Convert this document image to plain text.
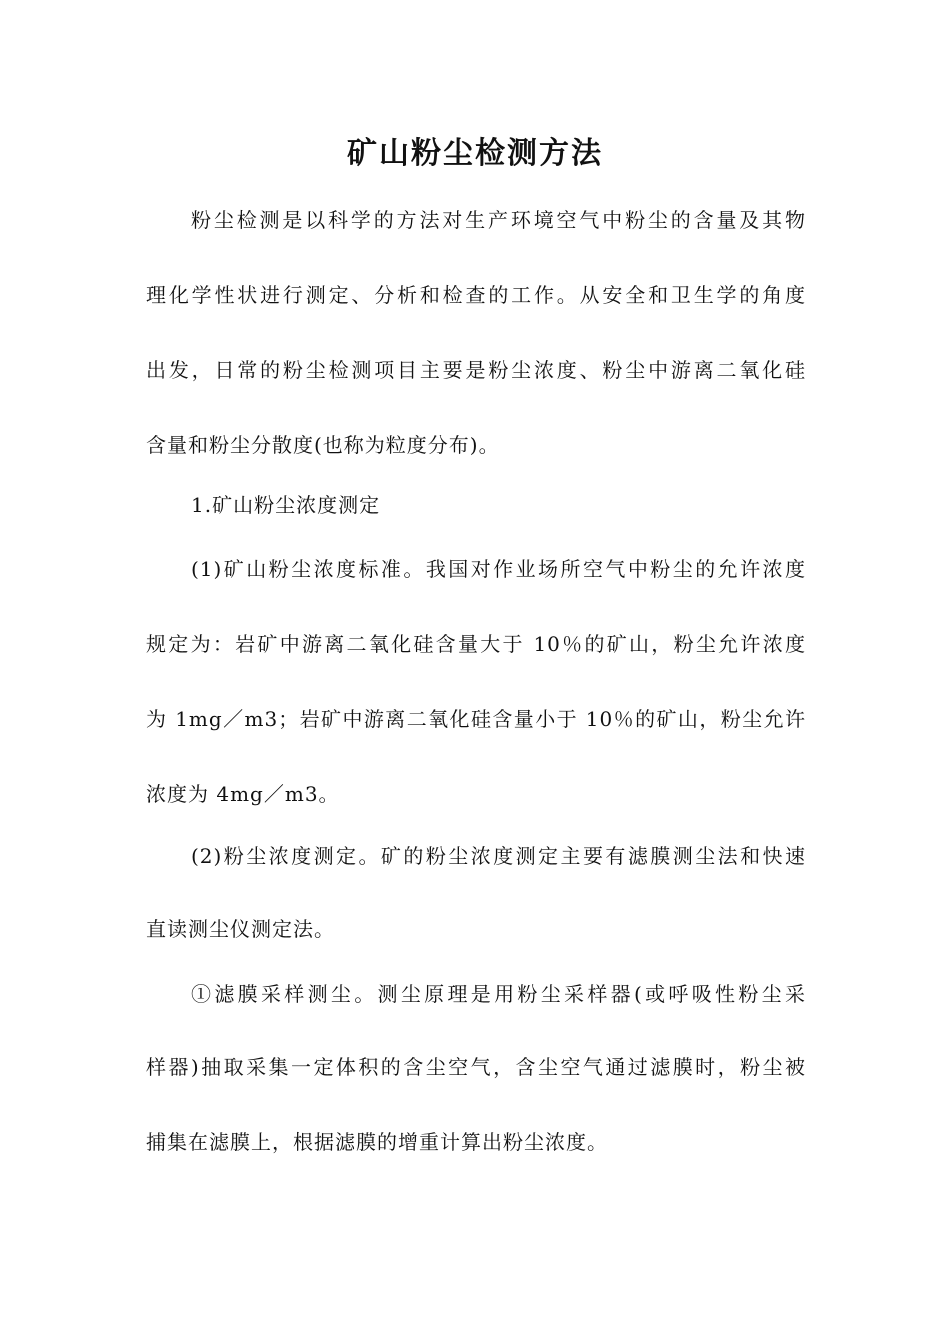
矿山粉尘检测方法
粉尘检测是以科学的方法对生产环境空气中粉尘的含量及其物
理化学性状进行测定、分析和检查的工作。从安全和卫生学的角度
出发，日常的粉尘检测项目主要是粉尘浓度、粉尘中游离二氧化硅
含量和粉尘分散度(也称为粒度分布)。
1.矿山粉尘浓度测定
(1)矿山粉尘浓度标准。我国对作业场所空气中粉尘的允许浓度
规定为：岩矿中游离二氧化硅含量大于 10％的矿山，粉尘允许浓度
为 1mg／m3；岩矿中游离二氧化硅含量小于 10％的矿山，粉尘允许
浓度为 4mg／m3。
(2)粉尘浓度测定。矿的粉尘浓度测定主要有滤膜测尘法和快速
直读测尘仪测定法。
①滤膜采样测尘。测尘原理是用粉尘采样器(或呼吸性粉尘采
样器)抽取采集一定体积的含尘空气，含尘空气通过滤膜时，粉尘被
捕集在滤膜上，根据滤膜的增重计算出粉尘浓度。
